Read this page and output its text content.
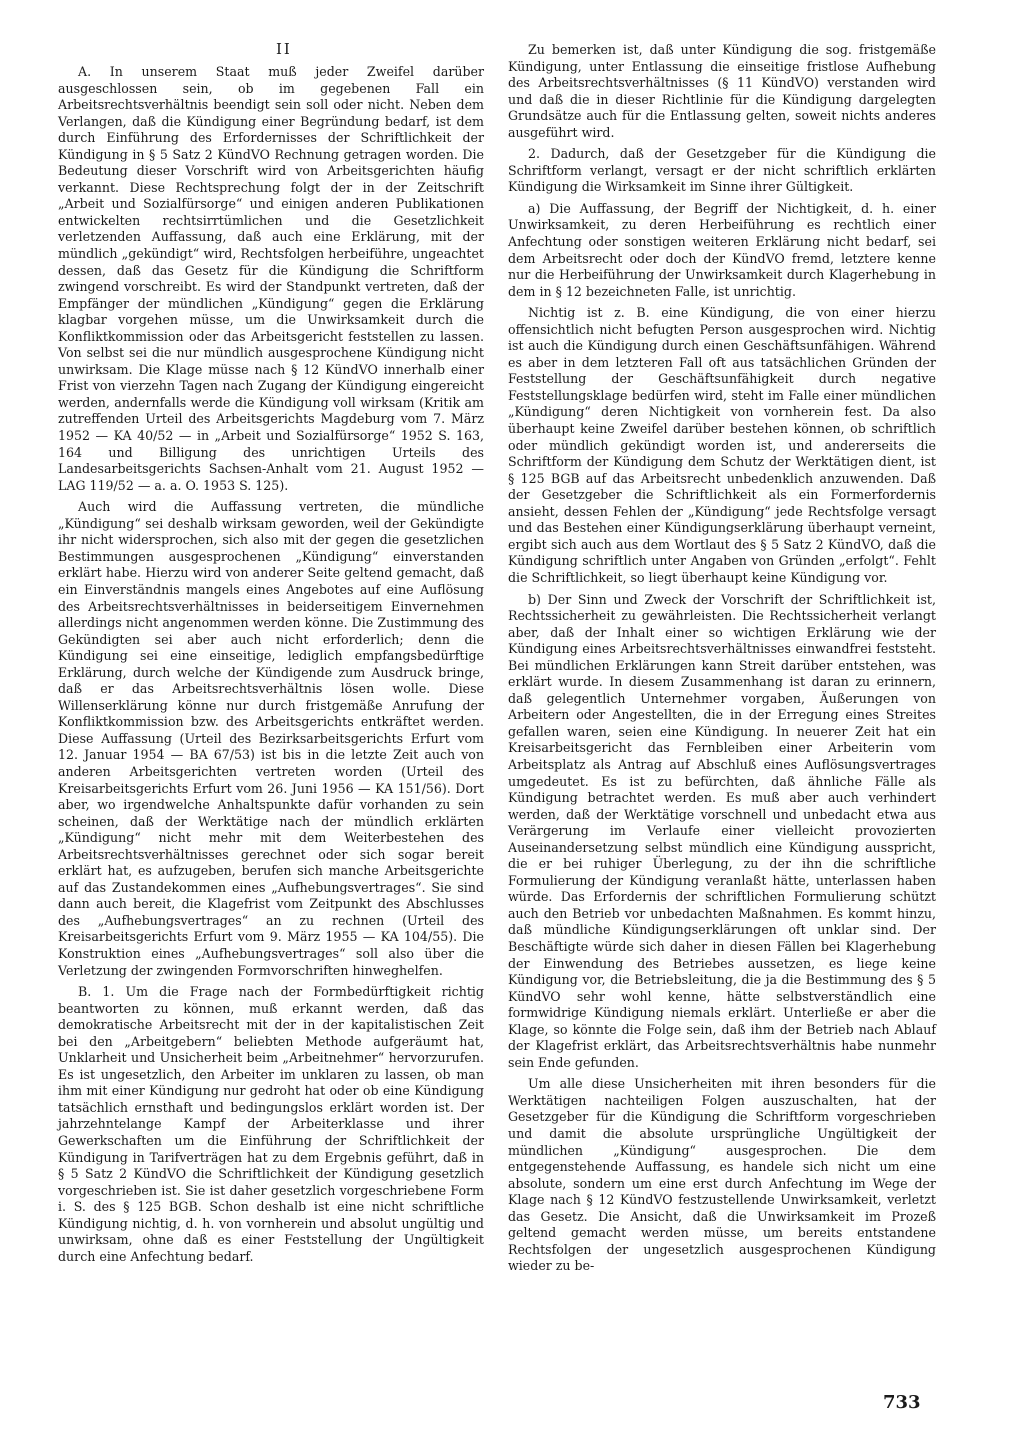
II

A. In unserem Staat muß jeder Zweifel darüber ausgeschlossen sein, ob im gegebenen Fall ein Arbeitsrechtsverhältnis beendigt sein soll oder nicht. Neben dem Verlangen, daß die Kündigung einer Begründung bedarf, ist dem durch Einführung des Erfordernisses der Schriftlichkeit der Kündigung in § 5 Satz 2 KündVO Rechnung getragen worden. Die Bedeutung dieser Vorschrift wird von Arbeitsgerichten häufig verkannt. Diese Rechtsprechung folgt der in der Zeitschrift „Arbeit und Sozialfürsorge“ und einigen anderen Publikationen entwickelten rechtsirrtümlichen und die Gesetzlichkeit verletzenden Auffassung, daß auch eine Erklärung, mit der mündlich „gekündigt“ wird, Rechtsfolgen herbeiführe, ungeachtet dessen, daß das Gesetz für die Kündigung die Schriftform zwingend vorschreibt. Es wird der Standpunkt vertreten, daß der Empfänger der mündlichen „Kündigung“ gegen die Erklärung klagbar vorgehen müsse, um die Unwirksamkeit durch die Konfliktkommission oder das Arbeitsgericht feststellen zu lassen. Von selbst sei die nur mündlich ausgesprochene Kündigung nicht unwirksam. Die Klage müsse nach § 12 KündVO innerhalb einer Frist von vierzehn Tagen nach Zugang der Kündigung eingereicht werden, andernfalls werde die Kündigung voll wirksam (Kritik am zutreffenden Urteil des Arbeitsgerichts Magdeburg vom 7. März 1952 — KA 40/52 — in „Arbeit und Sozialfürsorge“ 1952 S. 163, 164 und Billigung des unrichtigen Urteils des Landesarbeitsgerichts Sachsen-Anhalt vom 21. August 1952 — LAG 119/52 — a. a. O. 1953 S. 125).

Auch wird die Auffassung vertreten, die mündliche „Kündigung“ sei deshalb wirksam geworden, weil der Gekündigte ihr nicht widersprochen, sich also mit der gegen die gesetzlichen Bestimmungen ausgesprochenen „Kündigung“ einverstanden erklärt habe. Hierzu wird von anderer Seite geltend gemacht, daß ein Einverständnis mangels eines Angebotes auf eine Auflösung des Arbeitsrechtsverhältnisses in beiderseitigem Einvernehmen allerdings nicht angenommen werden könne. Die Zustimmung des Gekündigten sei aber auch nicht erforderlich; denn die Kündigung sei eine einseitige, lediglich empfangsbedürftige Erklärung, durch welche der Kündigende zum Ausdruck bringe, daß er das Arbeitsrechtsverhältnis lösen wolle. Diese Willenserklärung könne nur durch fristgemäße Anrufung der Konfliktkommission bzw. des Arbeitsgerichts entkräftet werden. Diese Auffassung (Urteil des Bezirksarbeitsgerichts Erfurt vom 12. Januar 1954 — BA 67/53) ist bis in die letzte Zeit auch von anderen Arbeitsgerichten vertreten worden (Urteil des Kreisarbeitsgerichts Erfurt vom 26. Juni 1956 — KA 151/56). Dort aber, wo irgendwelche Anhaltspunkte dafür vorhanden zu sein scheinen, daß der Werktätige nach der mündlich erklärten „Kündigung“ nicht mehr mit dem Weiterbestehen des Arbeitsrechtsverhältnisses gerechnet oder sich sogar bereit erklärt hat, es aufzugeben, berufen sich manche Arbeitsgerichte auf das Zustandekommen eines „Aufhebungsvertrages“. Sie sind dann auch bereit, die Klagefrist vom Zeitpunkt des Abschlusses des „Aufhebungsvertrages“ an zu rechnen (Urteil des Kreisarbeitsgerichts Erfurt vom 9. März 1955 — KA 104/55). Die Konstruktion eines „Aufhebungsvertrages“ soll also über die Verletzung der zwingenden Formvorschriften hinweghelfen.

B. 1. Um die Frage nach der Formbedürftigkeit richtig beantworten zu können, muß erkannt werden, daß das demokratische Arbeitsrecht mit der in der kapitalistischen Zeit bei den „Arbeitgebern“ beliebten Methode aufgeräumt hat, Unklarheit und Unsicherheit beim „Arbeitnehmer“ hervorzurufen. Es ist ungesetzlich, den Arbeiter im unklaren zu lassen, ob man ihm mit einer Kündigung nur gedroht hat oder ob eine Kündigung tatsächlich ernsthaft und bedingungslos erklärt worden ist. Der jahrzehntelange Kampf der Arbeiterklasse und ihrer Gewerkschaften um die Einführung der Schriftlichkeit der Kündigung in Tarifverträgen hat zu dem Ergebnis geführt, daß in § 5 Satz 2 KündVO die Schriftlichkeit der Kündigung gesetzlich vorgeschrieben ist. Sie ist daher gesetzlich vorgeschriebene Form i. S. des § 125 BGB. Schon deshalb ist eine nicht schriftliche Kündigung nichtig, d. h. von vornherein und absolut ungültig und unwirksam, ohne daß es einer Feststellung der Ungültigkeit durch eine Anfechtung bedarf.

Zu bemerken ist, daß unter Kündigung die sog. fristgemäße Kündigung, unter Entlassung die einseitige fristlose Aufhebung des Arbeitsrechtsverhältnisses (§ 11 KündVO) verstanden wird und daß die in dieser Richtlinie für die Kündigung dargelegten Grundsätze auch für die Entlassung gelten, soweit nichts anderes ausgeführt wird.

2. Dadurch, daß der Gesetzgeber für die Kündigung die Schriftform verlangt, versagt er der nicht schriftlich erklärten Kündigung die Wirksamkeit im Sinne ihrer Gültigkeit.

a) Die Auffassung, der Begriff der Nichtigkeit, d. h. einer Unwirksamkeit, zu deren Herbeiführung es rechtlich einer Anfechtung oder sonstigen weiteren Erklärung nicht bedarf, sei dem Arbeitsrecht oder doch der KündVO fremd, letztere kenne nur die Herbeiführung der Unwirksamkeit durch Klagerhebung in dem in § 12 bezeichneten Falle, ist unrichtig.

Nichtig ist z. B. eine Kündigung, die von einer hierzu offensichtlich nicht befugten Person ausgesprochen wird. Nichtig ist auch die Kündigung durch einen Geschäftsunfähigen. Während es aber in dem letzteren Fall oft aus tatsächlichen Gründen der Feststellung der Geschäftsunfähigkeit durch negative Feststellungsklage bedürfen wird, steht im Falle einer mündlichen „Kündigung“ deren Nichtigkeit von vornherein fest. Da also überhaupt keine Zweifel darüber bestehen können, ob schriftlich oder mündlich gekündigt worden ist, und andererseits die Schriftform der Kündigung dem Schutz der Werktätigen dient, ist § 125 BGB auf das Arbeitsrecht unbedenklich anzuwenden. Daß der Gesetzgeber die Schriftlichkeit als ein Formerfordernis ansieht, dessen Fehlen der „Kündigung“ jede Rechtsfolge versagt und das Bestehen einer Kündigungserklärung überhaupt verneint, ergibt sich auch aus dem Wortlaut des § 5 Satz 2 KündVO, daß die Kündigung schriftlich unter Angaben von Gründen „erfolgt“. Fehlt die Schriftlichkeit, so liegt überhaupt keine Kündigung vor.

b) Der Sinn und Zweck der Vorschrift der Schriftlichkeit ist, Rechtssicherheit zu gewährleisten. Die Rechtssicherheit verlangt aber, daß der Inhalt einer so wichtigen Erklärung wie der Kündigung eines Arbeitsrechtsverhältnisses einwandfrei feststeht. Bei mündlichen Erklärungen kann Streit darüber entstehen, was erklärt wurde. In diesem Zusammenhang ist daran zu erinnern, daß gelegentlich Unternehmer vorgaben, Äußerungen von Arbeitern oder Angestellten, die in der Erregung eines Streites gefallen waren, seien eine Kündigung. In neuerer Zeit hat ein Kreisarbeitsgericht das Fernbleiben einer Arbeiterin vom Arbeitsplatz als Antrag auf Abschluß eines Auflösungsvertrages umgedeutet. Es ist zu befürchten, daß ähnliche Fälle als Kündigung betrachtet werden. Es muß aber auch verhindert werden, daß der Werktätige vorschnell und unbedacht etwa aus Verärgerung im Verlaufe einer vielleicht provozierten Auseinandersetzung selbst mündlich eine Kündigung ausspricht, die er bei ruhiger Überlegung, zu der ihn die schriftliche Formulierung der Kündigung veranlaßt hätte, unterlassen haben würde. Das Erfordernis der schriftlichen Formulierung schützt auch den Betrieb vor unbedachten Maßnahmen. Es kommt hinzu, daß mündliche Kündigungserklärungen oft unklar sind. Der Beschäftigte würde sich daher in diesen Fällen bei Klagerhebung der Einwendung des Betriebes aussetzen, es liege keine Kündigung vor, die Betriebsleitung, die ja die Bestimmung des § 5 KündVO sehr wohl kenne, hätte selbstverständlich eine formwidrige Kündigung niemals erklärt. Unterließe er aber die Klage, so könnte die Folge sein, daß ihm der Betrieb nach Ablauf der Klagefrist erklärt, das Arbeitsrechtsverhältnis habe nunmehr sein Ende gefunden.

Um alle diese Unsicherheiten mit ihren besonders für die Werktätigen nachteiligen Folgen auszuschalten, hat der Gesetzgeber für die Kündigung die Schriftform vorgeschrieben und damit die absolute ursprüngliche Ungültigkeit der mündlichen „Kündigung“ ausgesprochen. Die dem entgegenstehende Auffassung, es handele sich nicht um eine absolute, sondern um eine erst durch Anfechtung im Wege der Klage nach § 12 KündVO festzustellende Unwirksamkeit, verletzt das Gesetz. Die Ansicht, daß die Unwirksamkeit im Prozeß geltend gemacht werden müsse, um bereits entstandene Rechtsfolgen der ungesetzlich ausgesprochenen Kündigung wieder zu be-

733
